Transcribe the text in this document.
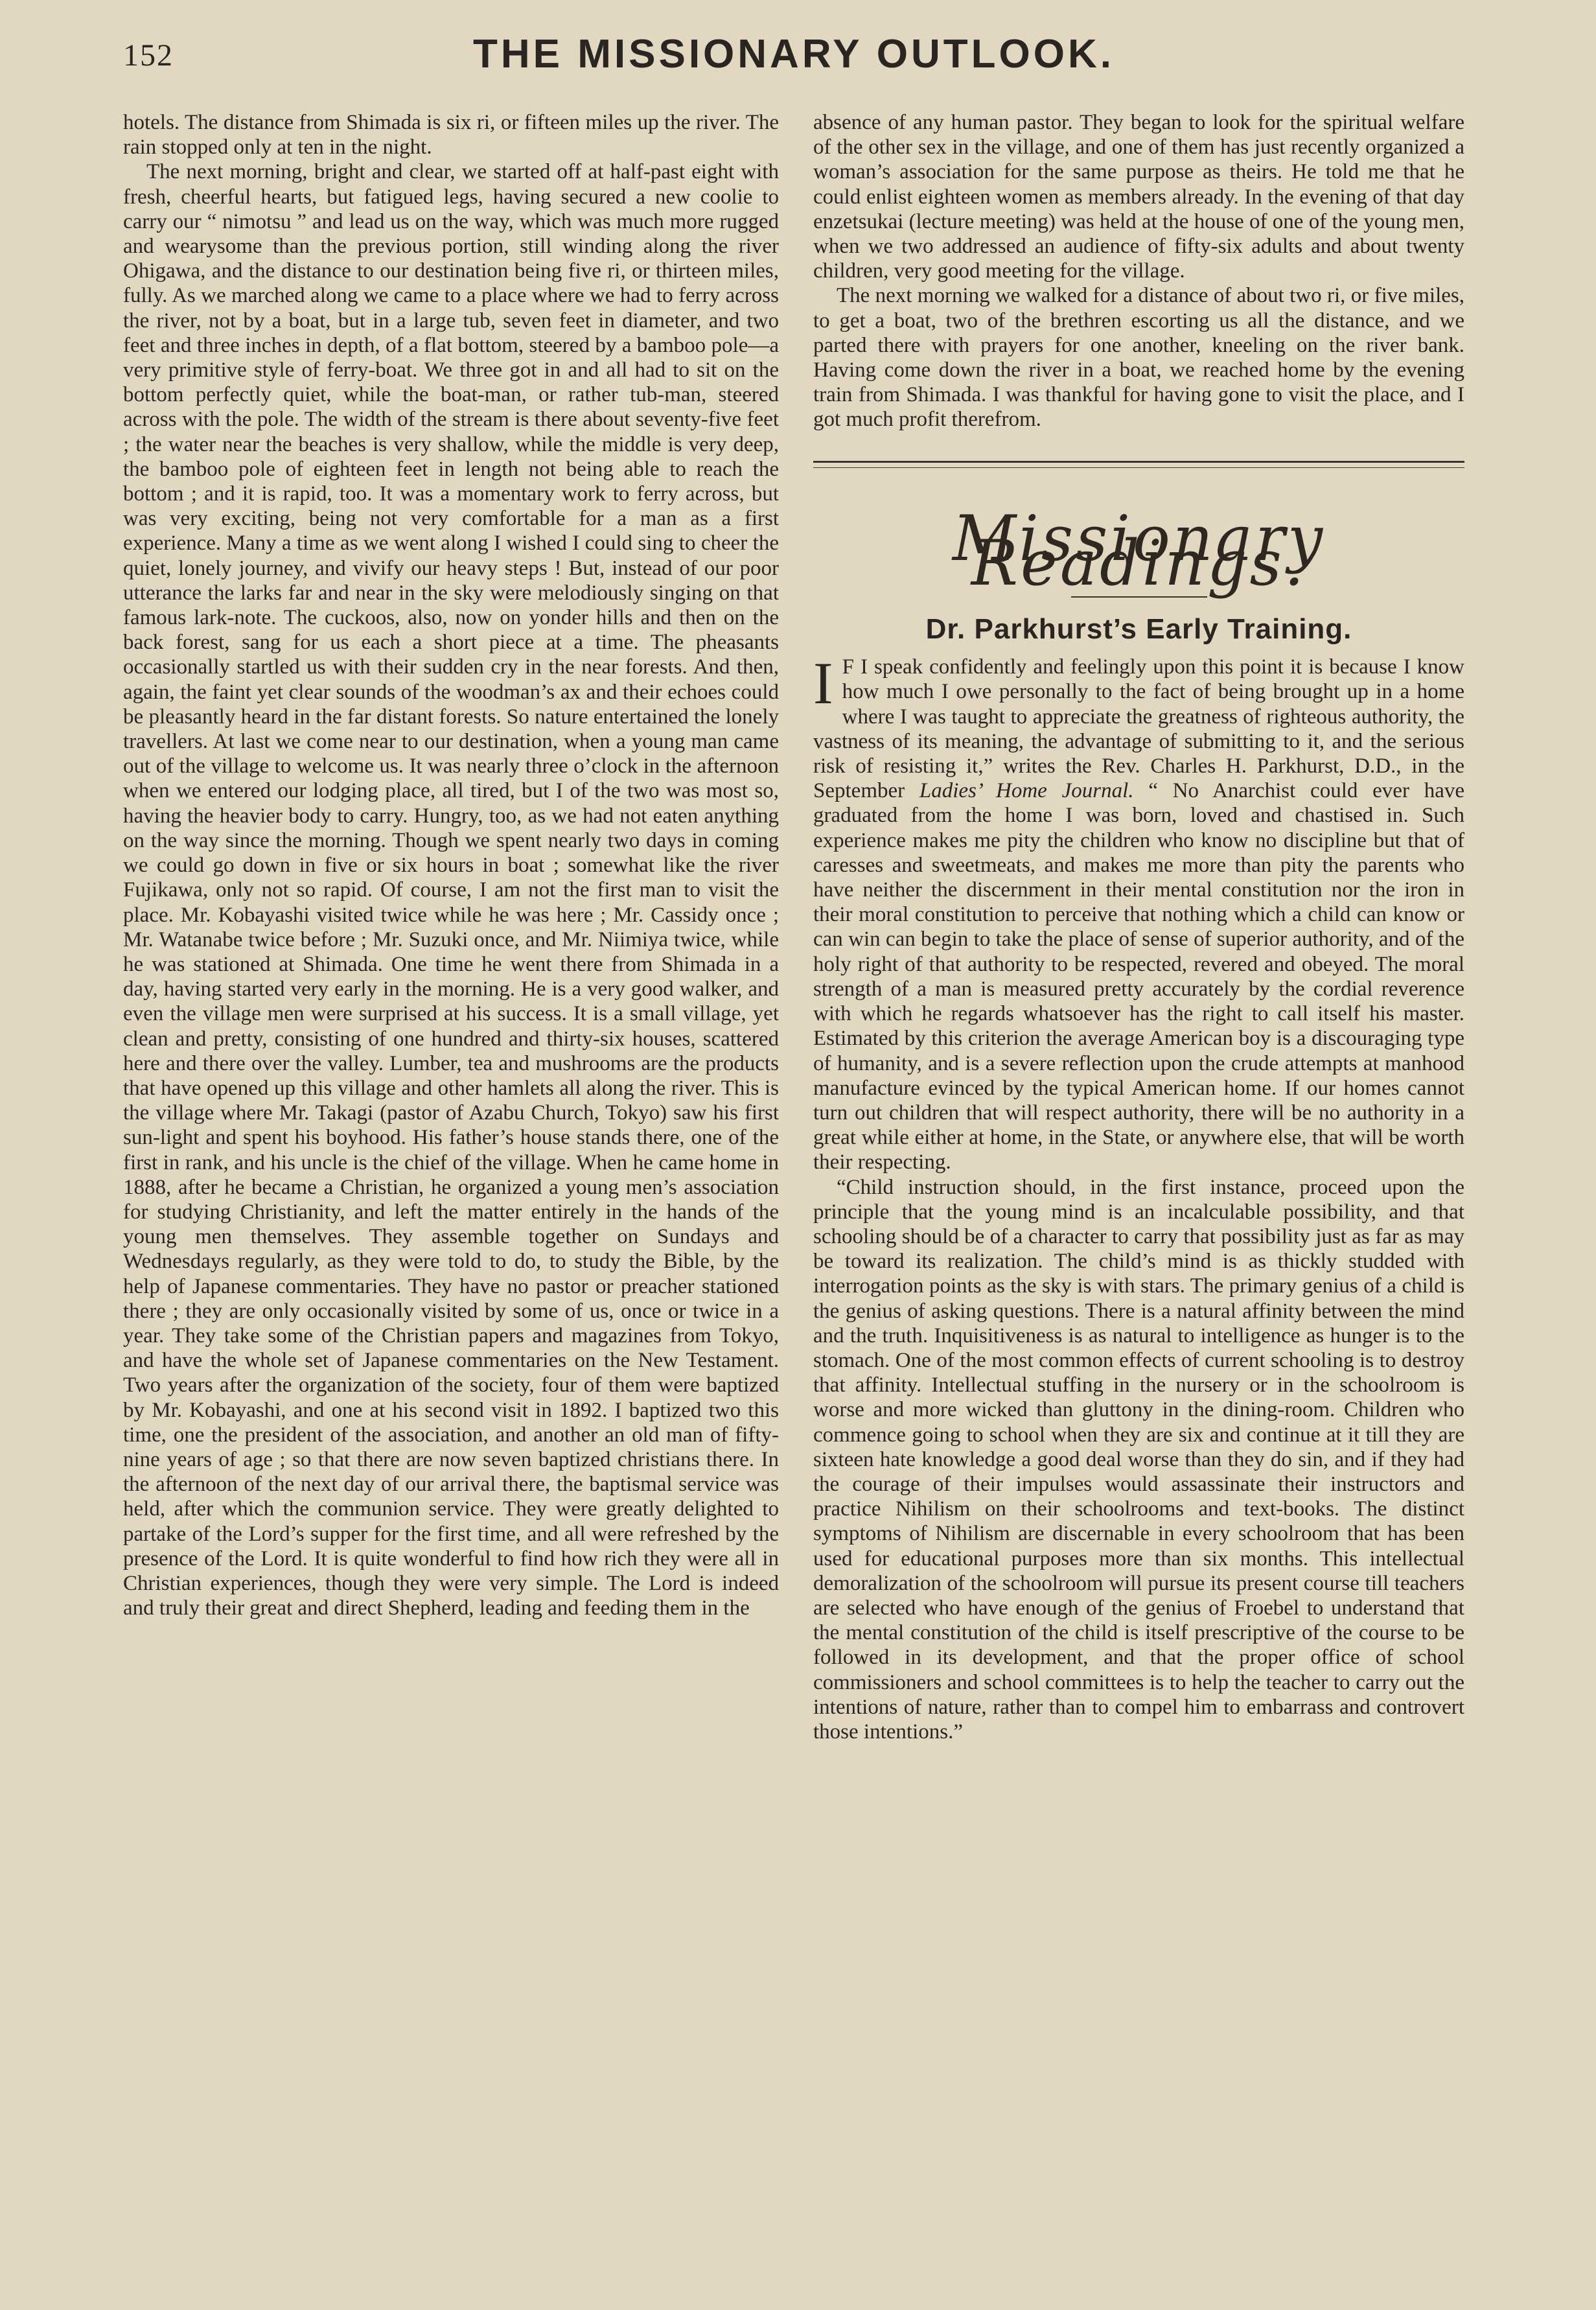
152	THE MISSIONARY OUTLOOK.

hotels. The distance from Shimada is six ri, or fifteen miles up the river. The rain stopped only at ten in the night.

The next morning, bright and clear, we started off at half-past eight with fresh, cheerful hearts, but fatigued legs, having secured a new coolie to carry our “ nimotsu ” and lead us on the way, which was much more rugged and wearysome than the previous portion, still winding along the river Ohigawa, and the distance to our destination being five ri, or thirteen miles, fully. As we marched along we came to a place where we had to ferry across the river, not by a boat, but in a large tub, seven feet in diameter, and two feet and three inches in depth, of a flat bottom, steered by a bamboo pole—a very primitive style of ferry-boat. We three got in and all had to sit on the bottom perfectly quiet, while the boat-man, or rather tub-man, steered across with the pole. The width of the stream is there about seventy-five feet ; the water near the beaches is very shallow, while the middle is very deep, the bamboo pole of eighteen feet in length not being able to reach the bottom ; and it is rapid, too. It was a momentary work to ferry across, but was very exciting, being not very comfortable for a man as a first experience. Many a time as we went along I wished I could sing to cheer the quiet, lonely journey, and vivify our heavy steps ! But, instead of our poor utterance the larks far and near in the sky were melodiously singing on that famous lark-note. The cuckoos, also, now on yonder hills and then on the back forest, sang for us each a short piece at a time. The pheasants occasionally startled us with their sudden cry in the near forests. And then, again, the faint yet clear sounds of the woodman’s ax and their echoes could be pleasantly heard in the far distant forests. So nature entertained the lonely travellers. At last we come near to our destination, when a young man came out of the village to welcome us. It was nearly three o’clock in the afternoon when we entered our lodging place, all tired, but I of the two was most so, having the heavier body to carry. Hungry, too, as we had not eaten anything on the way since the morning. Though we spent nearly two days in coming we could go down in five or six hours in boat ; somewhat like the river Fujikawa, only not so rapid. Of course, I am not the first man to visit the place. Mr. Kobayashi visited twice while he was here ; Mr. Cassidy once ; Mr. Watanabe twice before ; Mr. Suzuki once, and Mr. Niimiya twice, while he was stationed at Shimada. One time he went there from Shimada in a day, having started very early in the morning. He is a very good walker, and even the village men were surprised at his success. It is a small village, yet clean and pretty, consisting of one hundred and thirty-six houses, scattered here and there over the valley. Lumber, tea and mushrooms are the products that have opened up this village and other hamlets all along the river. This is the village where Mr. Takagi (pastor of Azabu Church, Tokyo) saw his first sun-light and spent his boyhood. His father’s house stands there, one of the first in rank, and his uncle is the chief of the village. When he came home in 1888, after he became a Christian, he organized a young men’s association for studying Christianity, and left the matter entirely in the hands of the young men themselves. They assemble together on Sundays and Wednesdays regularly, as they were told to do, to study the Bible, by the help of Japanese commentaries. They have no pastor or preacher stationed there ; they are only occasionally visited by some of us, once or twice in a year. They take some of the Christian papers and magazines from Tokyo, and have the whole set of Japanese commentaries on the New Testament. Two years after the organization of the society, four of them were baptized by Mr. Kobayashi, and one at his second visit in 1892. I baptized two this time, one the president of the association, and another an old man of fifty-nine years of age ; so that there are now seven baptized christians there. In the afternoon of the next day of our arrival there, the baptismal service was held, after which the communion service. They were greatly delighted to partake of the Lord’s supper for the first time, and all were refreshed by the presence of the Lord. It is quite wonderful to find how rich they were all in Christian experiences, though they were very simple. The Lord is indeed and truly their great and direct Shepherd, leading and feeding them in the

absence of any human pastor. They began to look for the spiritual welfare of the other sex in the village, and one of them has just recently organized a woman’s association for the same purpose as theirs. He told me that he could enlist eighteen women as members already. In the evening of that day enzetsukai (lecture meeting) was held at the house of one of the young men, when we two addressed an audience of fifty-six adults and about twenty children, very good meeting for the village.

The next morning we walked for a distance of about two ri, or five miles, to get a boat, two of the brethren escorting us all the distance, and we parted there with prayers for one another, kneeling on the river bank. Having come down the river in a boat, we reached home by the evening train from Shimada. I was thankful for having gone to visit the place, and I got much profit therefrom.

Missionary Readings.
Dr. Parkhurst’s Early Training.

I F I speak confidently and feelingly upon this point it is because I know how much I owe personally to the fact of being brought up in a home where I was taught to appreciate the greatness of righteous authority, the vastness of its meaning, the advantage of submitting to it, and the serious risk of resisting it,” writes the Rev. Charles H. Parkhurst, D.D., in the September Ladies’ Home Journal. “ No Anarchist could ever have graduated from the home I was born, loved and chastised in. Such experience makes me pity the children who know no discipline but that of caresses and sweetmeats, and makes me more than pity the parents who have neither the discernment in their mental constitution nor the iron in their moral constitution to perceive that nothing which a child can know or can win can begin to take the place of sense of superior authority, and of the holy right of that authority to be respected, revered and obeyed. The moral strength of a man is measured pretty accurately by the cordial reverence with which he regards whatsoever has the right to call itself his master. Estimated by this criterion the average American boy is a discouraging type of humanity, and is a severe reflection upon the crude attempts at manhood manufacture evinced by the typical American home. If our homes cannot turn out children that will respect authority, there will be no authority in a great while either at home, in the State, or anywhere else, that will be worth their respecting.

“Child instruction should, in the first instance, proceed upon the principle that the young mind is an incalculable possibility, and that schooling should be of a character to carry that possibility just as far as may be toward its realization. The child’s mind is as thickly studded with interrogation points as the sky is with stars. The primary genius of a child is the genius of asking questions. There is a natural affinity between the mind and the truth. Inquisitiveness is as natural to intelligence as hunger is to the stomach. One of the most common effects of current schooling is to destroy that affinity. Intellectual stuffing in the nursery or in the schoolroom is worse and more wicked than gluttony in the dining-room. Children who commence going to school when they are six and continue at it till they are sixteen hate knowledge a good deal worse than they do sin, and if they had the courage of their impulses would assassinate their instructors and practice Nihilism on their schoolrooms and text-books. The distinct symptoms of Nihilism are discernable in every schoolroom that has been used for educational purposes more than six months. This intellectual demoralization of the schoolroom will pursue its present course till teachers are selected who have enough of the genius of Froebel to understand that the mental constitution of the child is itself prescriptive of the course to be followed in its development, and that the proper office of school commissioners and school committees is to help the teacher to carry out the intentions of nature, rather than to compel him to embarrass and controvert those intentions.”
